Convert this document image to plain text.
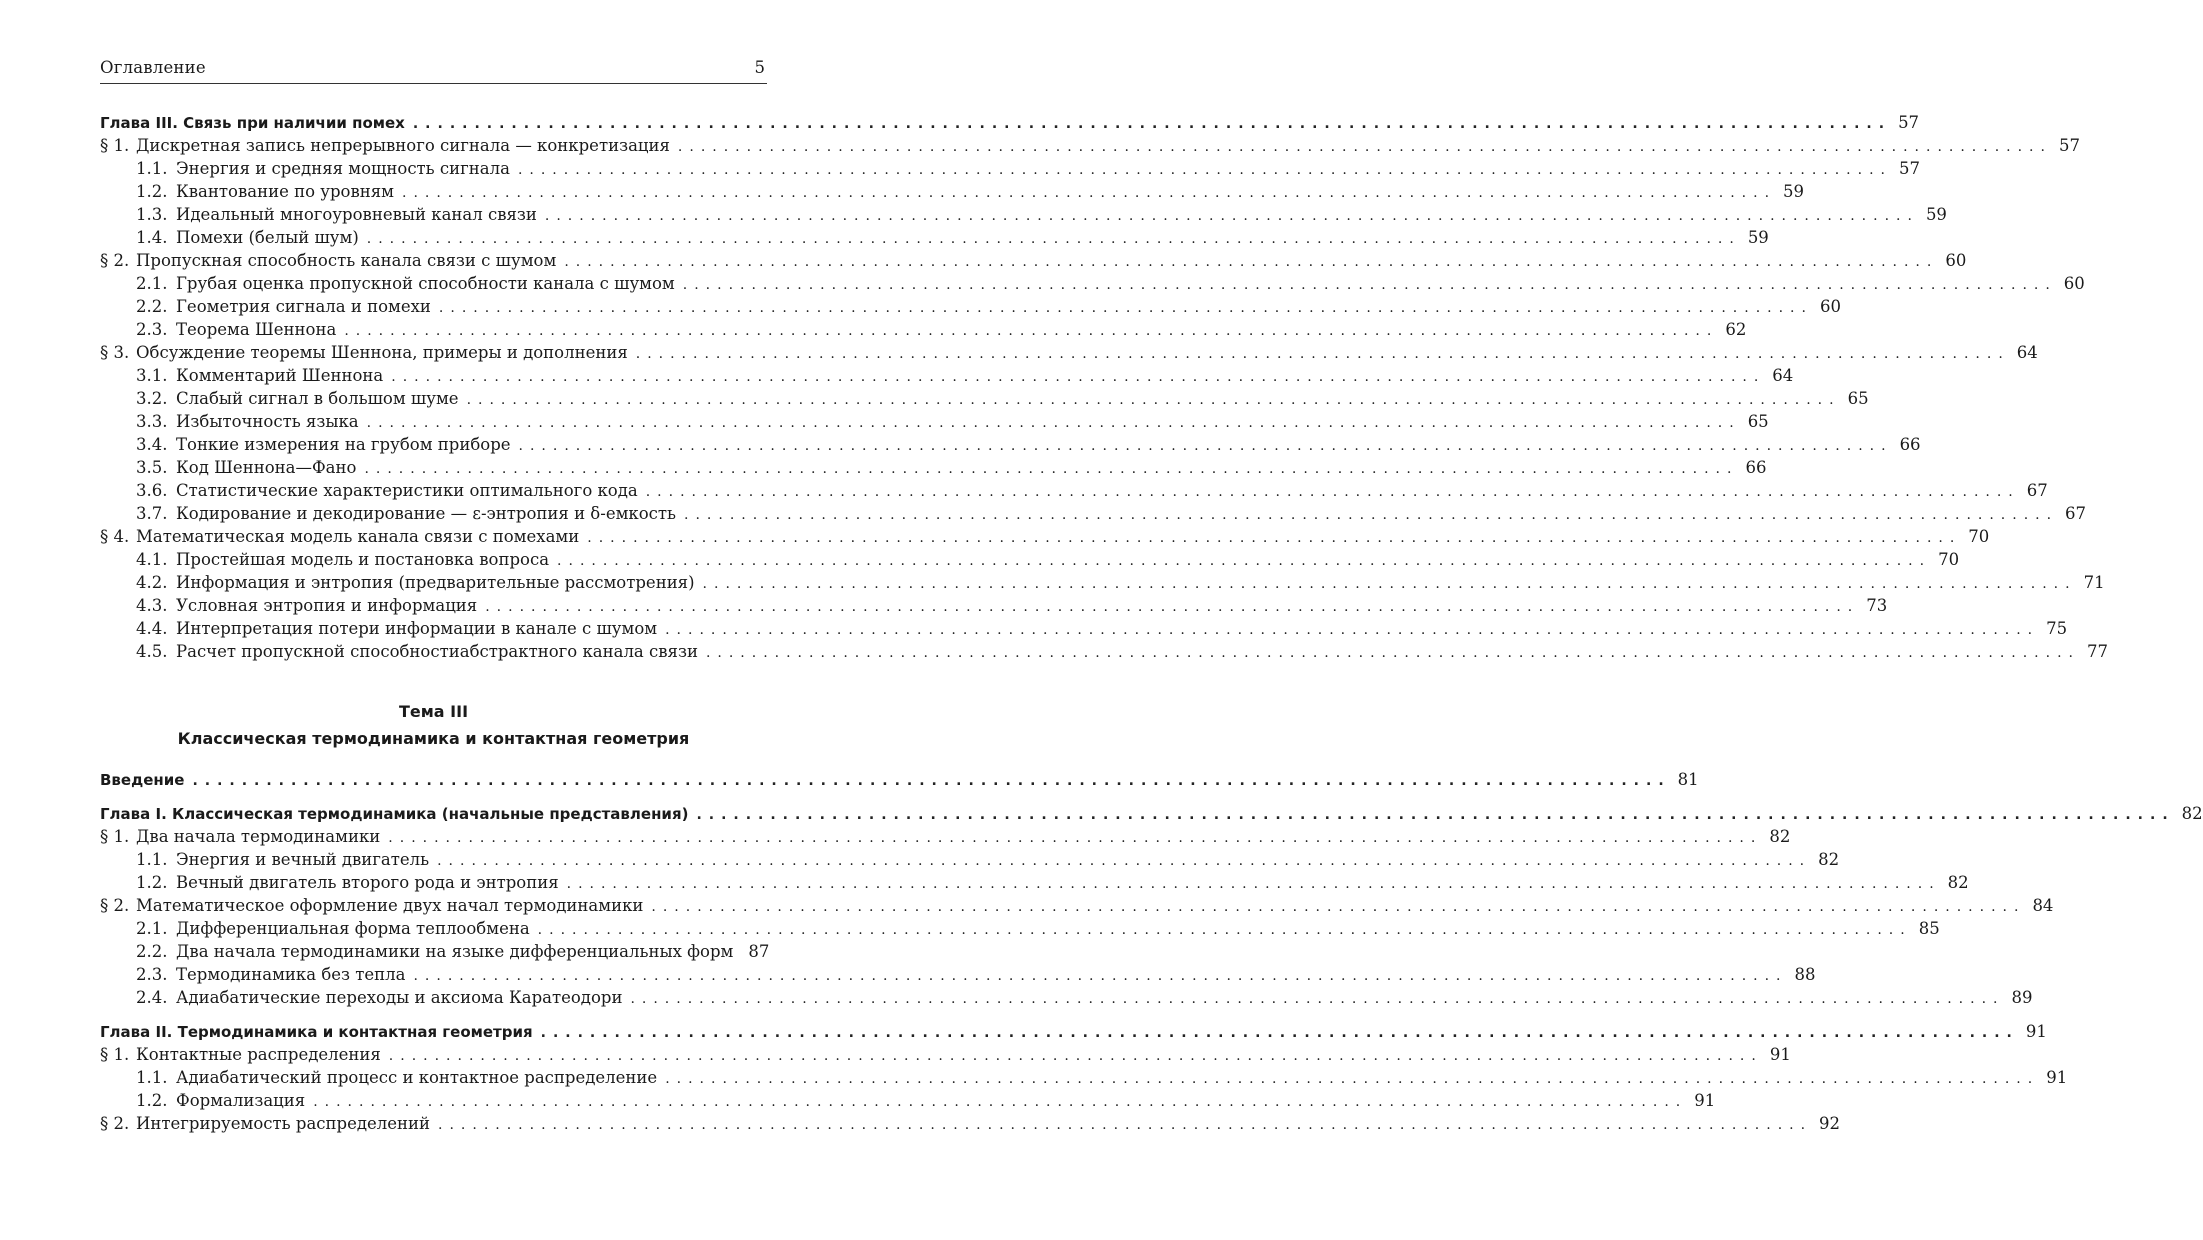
Оглавление	5
Глава III. Связь при наличии помех ........................................................................................................................ 57
§ 1. Дискретная запись непрерывного сигнала — конкретизация ........................................................................................................................ 57
1.1. Энергия и средняя мощность сигнала ........................................................................................................................ 57
1.2. Квантование по уровням ........................................................................................................................ 59
1.3. Идеальный многоуровневый канал связи ........................................................................................................................ 59
1.4. Помехи (белый шум) ........................................................................................................................ 59
§ 2. Пропускная способность канала связи с шумом ........................................................................................................................ 60
2.1. Грубая оценка пропускной способности канала с шумом ........................................................................................................................ 60
2.2. Геометрия сигнала и помехи ........................................................................................................................ 60
2.3. Теорема Шеннона ........................................................................................................................ 62
§ 3. Обсуждение теоремы Шеннона, примеры и дополнения ........................................................................................................................ 64
3.1. Комментарий Шеннона ........................................................................................................................ 64
3.2. Слабый сигнал в большом шуме ........................................................................................................................ 65
3.3. Избыточность языка ........................................................................................................................ 65
3.4. Тонкие измерения на грубом приборе ........................................................................................................................ 66
3.5. Код Шеннона—Фано ........................................................................................................................ 66
3.6. Статистические характеристики оптимального кода ........................................................................................................................ 67
3.7. Кодирование и декодирование — ε-энтропия и δ-емкость ........................................................................................................................ 67
§ 4. Математическая модель канала связи с помехами ........................................................................................................................ 70
4.1. Простейшая модель и постановка вопроса ........................................................................................................................ 70
4.2. Информация и энтропия (предварительные рассмотрения) ........................................................................................................................ 71
4.3. Условная энтропия и информация ........................................................................................................................ 73
4.4. Интерпретация потери информации в канале с шумом ........................................................................................................................ 75
4.5. Расчет пропускной способностиабстрактного канала связи ........................................................................................................................ 77
Тема III
Классическая термодинамика и контактная геометрия
Введение ........................................................................................................................ 81
Глава I. Классическая термодинамика (начальные представления) ........................................................................................................................ 82
§ 1. Два начала термодинамики ........................................................................................................................ 82
1.1. Энергия и вечный двигатель ........................................................................................................................ 82
1.2. Вечный двигатель второго рода и энтропия ........................................................................................................................ 82
§ 2. Математическое оформление двух начал термодинамики ........................................................................................................................ 84
2.1. Дифференциальная форма теплообмена ........................................................................................................................ 85
2.2. Два начала термодинамики на языке дифференциальных форм 87
2.3. Термодинамика без тепла ........................................................................................................................ 88
2.4. Адиабатические переходы и аксиома Каратеодори ........................................................................................................................ 89
Глава II. Термодинамика и контактная геометрия ........................................................................................................................ 91
§ 1. Контактные распределения ........................................................................................................................ 91
1.1. Адиабатический процесс и контактное распределение ........................................................................................................................ 91
1.2. Формализация ........................................................................................................................ 91
§ 2. Интегрируемость распределений ........................................................................................................................ 92
